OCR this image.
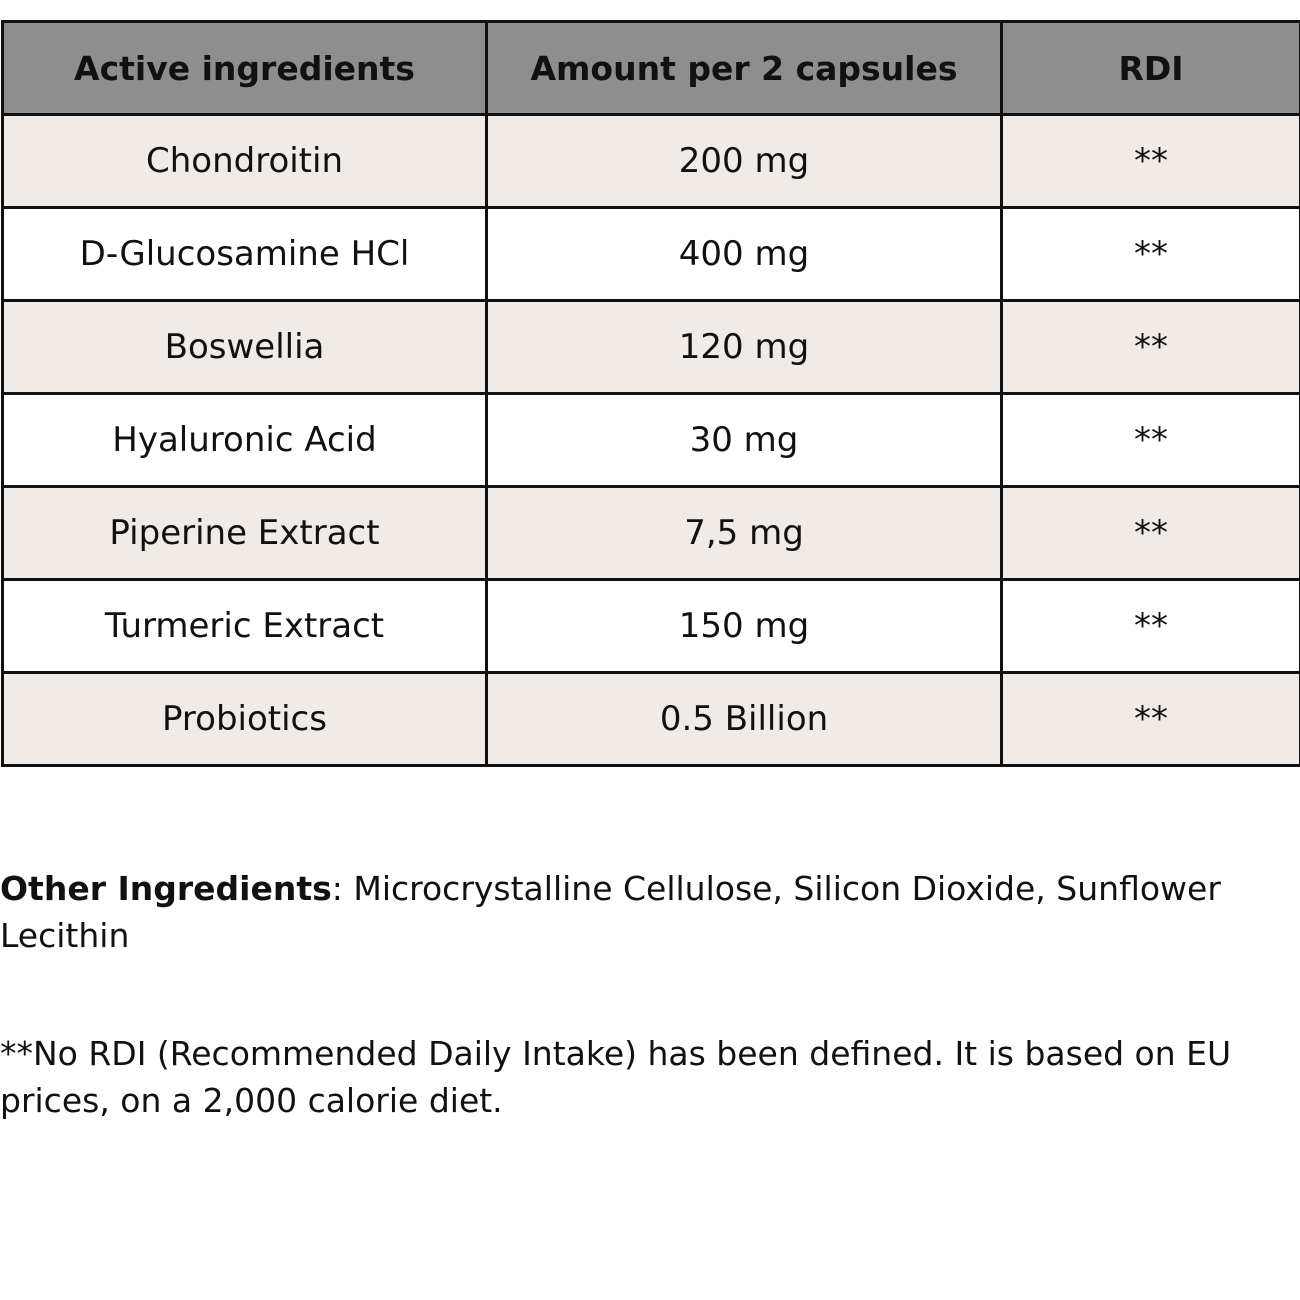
Active ingredients	Amount per 2 capsules	RDI
Chondroitin	200 mg	**
D-Glucosamine HCl	400 mg	**
Boswellia	120 mg	**
Hyaluronic Acid	30 mg	**
Piperine Extract	7,5 mg	**
Turmeric Extract	150 mg	**
Probiotics	0.5 Billion	**

Other Ingredients: Microcrystalline Cellulose, Silicon Dioxide, Sunflower Lecithin

**No RDI (Recommended Daily Intake) has been defined. It is based on EU prices, on a 2,000 calorie diet.
